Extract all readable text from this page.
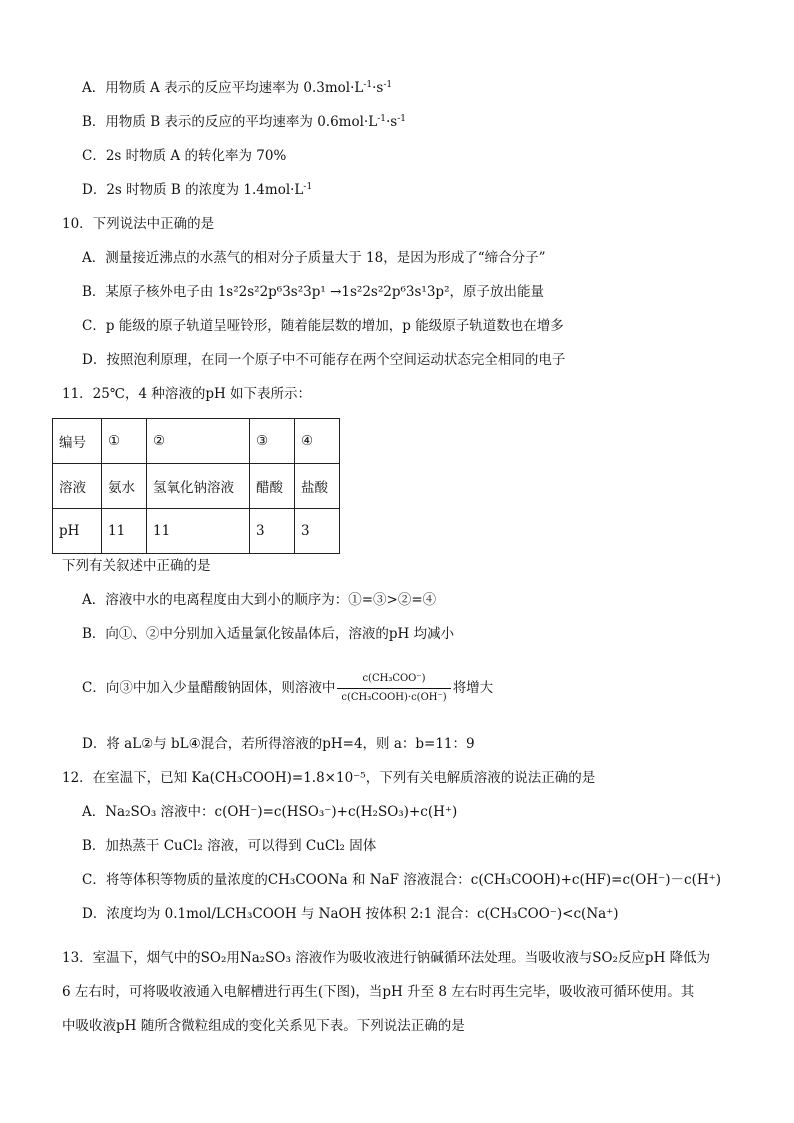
A．用物质 A 表示的反应平均速率为 $0.3mol\cdot L^{-1}\cdot s^{-1}$
B．用物质 B 表示的反应的平均速率为 $0.6mol\cdot L^{-1}\cdot s^{-1}$
C．2s 时物质 A 的转化率为 70%
D．2s 时物质 B 的浓度为 $1.4mol\cdot L^{-1}$
10．下列说法中正确的是
A．测量接近沸点的水蒸气的相对分子质量大于 18，是因为形成了“缔合分子”
B．某原子核外电子由 1s²2s²2p⁶3s²3p¹ →1s²2s²2p⁶3s¹3p²，原子放出能量
C．p 能级的原子轨道呈哑铃形，随着能层数的增加，p 能级原子轨道数也在增多
D．按照泡利原理，在同一个原子中不可能存在两个空间运动状态完全相同的电子
11．25℃，4 种溶液的pH 如下表所示：
编号	①	②	③	④
溶液	氨水	氢氧化钠溶液	醋酸	盐酸
pH	11	11	3	3
下列有关叙述中正确的是
A．溶液中水的电离程度由大到小的顺序为：①=③>②=④
B．向①、②中分别加入适量氯化铵晶体后，溶液的pH 均减小
C．向③中加入少量醋酸钠固体，则溶液中 $\frac{\text{c(CH₃COO⁻)}}{\text{c(CH₃COOH)·c(OH⁻)}}$ 将增大
D．将 aL②与 bL④混合，若所得溶液的pH=4，则 a：b=11：9
12．在室温下，已知 Ka(CH₃COOH)=1.8×10⁻⁵，下列有关电解质溶液的说法正确的是
A．Na₂SO₃ 溶液中：c(OH⁻)=c(HSO₃⁻)+c(H₂SO₃)+c(H⁺)
B．加热蒸干 CuCl₂ 溶液，可以得到 CuCl₂ 固体
C．将等体积等物质的量浓度的CH₃COONa 和 NaF 溶液混合：c(CH₃COOH)+c(HF)=c(OH⁻)－c(H⁺)
D．浓度均为 0.1mol/LCH₃COOH 与 NaOH 按体积 2:1 混合：c(CH₃COO⁻)<c(Na⁺)
13．室温下，烟气中的SO₂用Na₂SO₃ 溶液作为吸收液进行钠碱循环法处理。当吸收液与SO₂反应pH 降低为
6 左右时，可将吸收液通入电解槽进行再生(下图)，当pH 升至 8 左右时再生完毕，吸收液可循环使用。其
中吸收液pH 随所含微粒组成的变化关系见下表。下列说法正确的是
